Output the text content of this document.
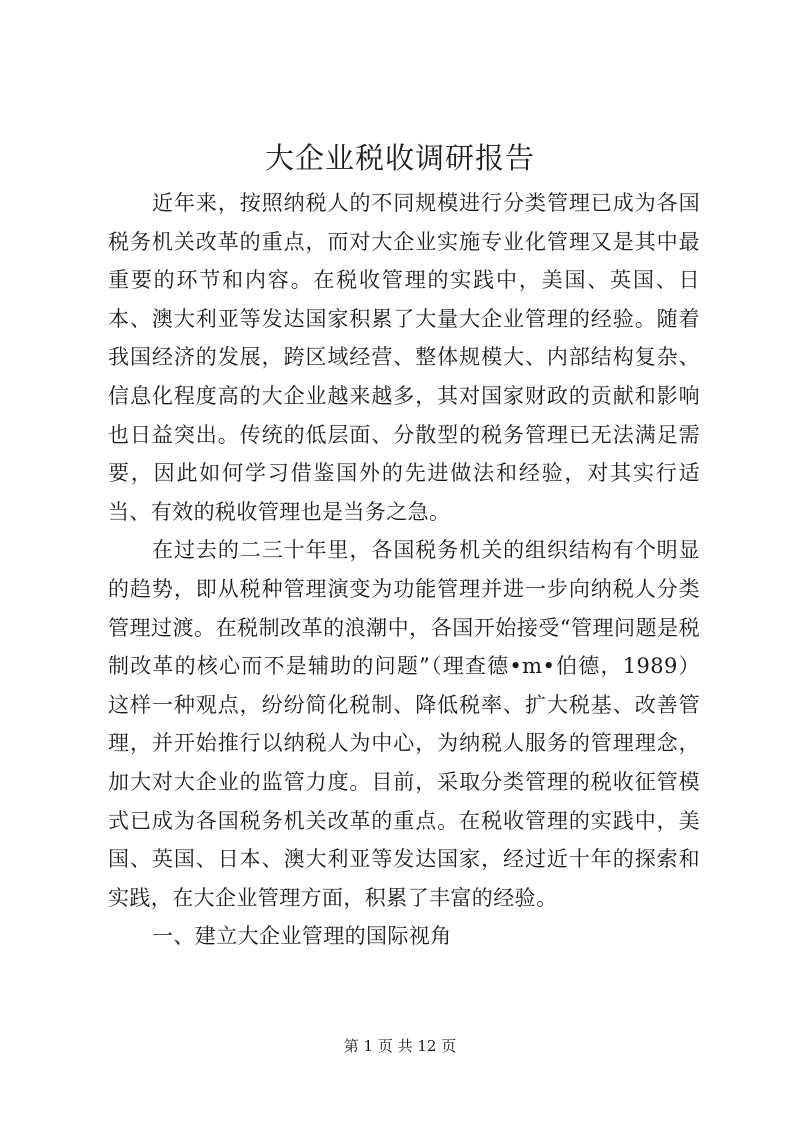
大企业税收调研报告

近年来，按照纳税人的不同规模进行分类管理已成为各国税务机关改革的重点，而对大企业实施专业化管理又是其中最重要的环节和内容。在税收管理的实践中，美国、英国、日本、澳大利亚等发达国家积累了大量大企业管理的经验。随着我国经济的发展，跨区域经营、整体规模大、内部结构复杂、信息化程度高的大企业越来越多，其对国家财政的贡献和影响也日益突出。传统的低层面、分散型的税务管理已无法满足需要，因此如何学习借鉴国外的先进做法和经验，对其实行适当、有效的税收管理也是当务之急。

在过去的二三十年里，各国税务机关的组织结构有个明显的趋势，即从税种管理演变为功能管理并进一步向纳税人分类管理过渡。在税制改革的浪潮中，各国开始接受“管理问题是税制改革的核心而不是辅助的问题”（理查德•m•伯德，1989）这样一种观点，纷纷简化税制、降低税率、扩大税基、改善管理，并开始推行以纳税人为中心，为纳税人服务的管理理念，加大对大企业的监管力度。目前，采取分类管理的税收征管模式已成为各国税务机关改革的重点。在税收管理的实践中，美国、英国、日本、澳大利亚等发达国家，经过近十年的探索和实践，在大企业管理方面，积累了丰富的经验。

一、建立大企业管理的国际视角

第 1 页 共 12 页
